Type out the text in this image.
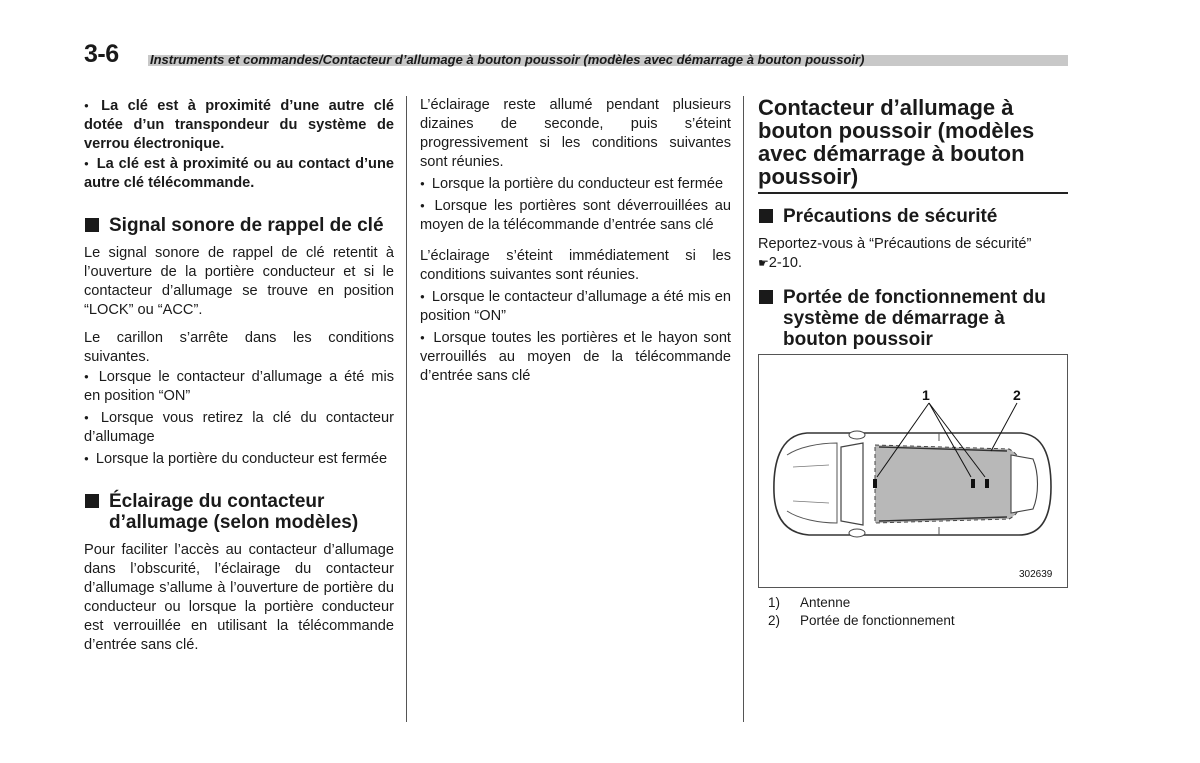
3-6 Instruments et commandes/Contacteur d’allumage à bouton poussoir (modèles avec démarrage à bouton poussoir)

● La clé est à proximité d’une autre clé dotée d’un transpondeur du système de verrou électronique.

● La clé est à proximité ou au contact d’une autre clé télécommande.

Signal sonore de rappel de clé

Le signal sonore de rappel de clé retentit à l’ouverture de la portière conducteur et si le contacteur d’allumage se trouve en position “LOCK” ou “ACC”.

Le carillon s’arrête dans les conditions suivantes.

● Lorsque le contacteur d’allumage a été mis en position “ON”

● Lorsque vous retirez la clé du contacteur d’allumage

● Lorsque la portière du conducteur est fermée

Éclairage du contacteur d’allumage (selon modèles)

Pour faciliter l’accès au contacteur d’allumage dans l’obscurité, l’éclairage du contacteur d’allumage s’allume à l’ouverture de portière du conducteur ou lorsque la portière conducteur est verrouillée en utilisant la télécommande d’entrée sans clé.

L’éclairage reste allumé pendant plusieurs dizaines de seconde, puis s’éteint progressivement si les conditions suivantes sont réunies.

● Lorsque la portière du conducteur est fermée

● Lorsque les portières sont déverrouillées au moyen de la télécommande d’entrée sans clé

L’éclairage s’éteint immédiatement si les conditions suivantes sont réunies.

● Lorsque le contacteur d’allumage a été mis en position “ON”

● Lorsque toutes les portières et le hayon sont verrouillés au moyen de la télécommande d’entrée sans clé

Contacteur d’allumage à bouton poussoir (modèles avec démarrage à bouton poussoir)
Précautions de sécurité

Reportez-vous à “Précautions de sécurité”
☛2-10.

Portée de fonctionnement du système de démarrage à bouton poussoir
1	2
302639
1) Antenne
2) Portée de fonctionnement
